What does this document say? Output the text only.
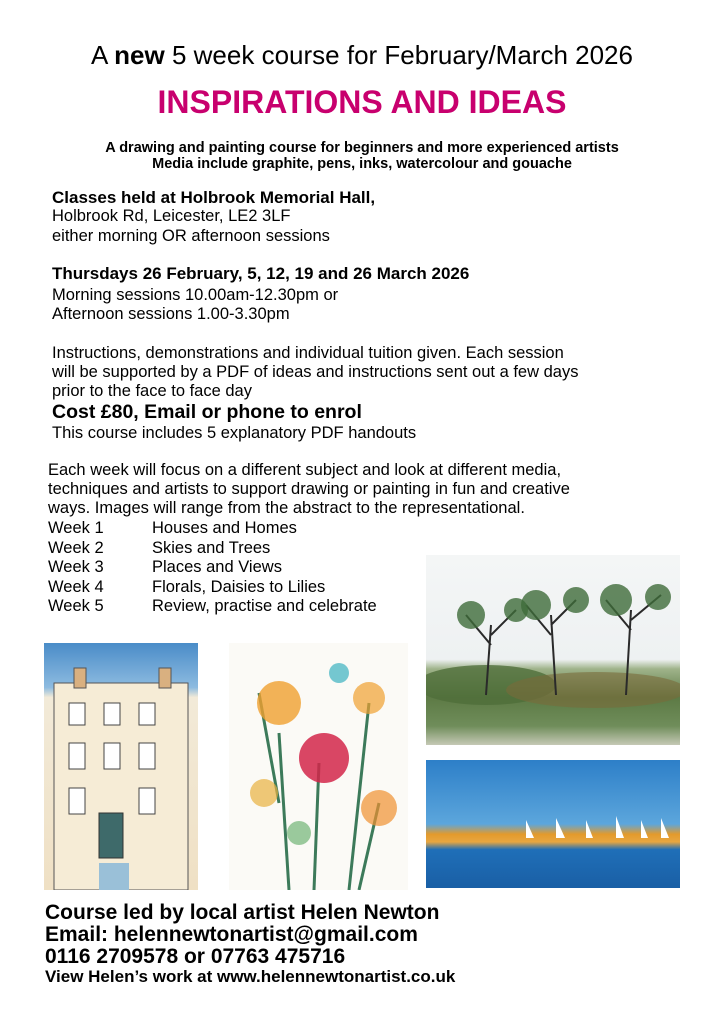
A new 5 week course for February/March 2026
INSPIRATIONS AND IDEAS
A drawing and painting course for beginners and more experienced artists
Media include graphite, pens, inks, watercolour and gouache
Classes held at Holbrook Memorial Hall,
Holbrook Rd, Leicester, LE2 3LF
either morning OR afternoon sessions
Thursdays 26 February, 5, 12, 19 and 26 March 2026
Morning sessions 10.00am-12.30pm or
Afternoon sessions 1.00-3.30pm
Instructions, demonstrations and individual tuition given. Each session
will be supported by a PDF of ideas and instructions sent out a few days
prior to the face to face day
Cost £80, Email or phone to enrol
This course includes 5 explanatory PDF handouts
Each week will focus on a different subject and look at different media,
techniques and artists to support drawing or painting in fun and creative
ways. Images will range from the abstract to the representational.
Week 1	Houses and Homes
Week 2	Skies and Trees
Week 3	Places and Views
Week 4	Florals, Daisies to Lilies
Week 5	Review, practise and celebrate
Course led by local artist Helen Newton
Email: helennewtonartist@gmail.com
0116 2709578 or 07763 475716
View Helen’s work at www.helennewtonartist.co.uk
